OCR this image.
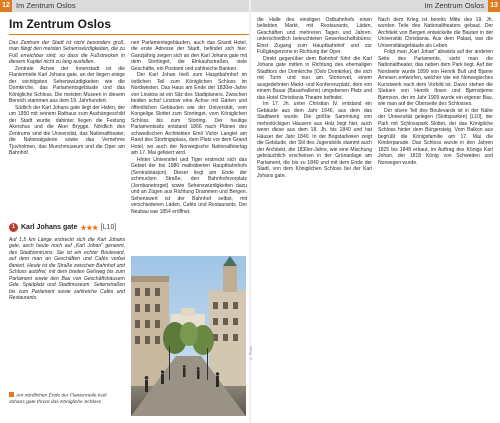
12 Im Zentrum Oslos	Im Zentrum Oslos 13
Im Zentrum Oslos

Das Zentrum der Stadt ist nicht besonders groß, man fängt den meisten Sehenswürdigkeiten, die zu Fuß erreichbar sind, so dass die Fußstrecken in diesem Kapitel nicht zu lang ausfallen.

Zentrale Achse der Innenstadt ist die Flaniermeile Karl Johans gate, an der liegen einige der wichtigsten Sehenswürdigkeiten wie die Domkirche, das Parlamentsgebäude und das Königliche Schloss. Die meisten Museen in diesem Bereich stammen aus dem 19. Jahrhundert.

Südlich der Karl Johans gate liegt der Hafen, der um 1950 mit seinem Rathaus zum Aushängeschild der Stadt wurde, dahinter liegen die Festung Akershus und die Aker Brygge. Nördlich des Zentrums sind die Universität, das Nationaltheater, die Nationalgalerie sowie das Vernehme Tjuvholmen, das Munchmuseum und die Oper am Bahnhof.

1 Karl Johans gate ★★★ [L10]

Auf 1,5 km Länge erstreckt sich die Karl Johans gate, auch heute noch auf „Karl Johan“ genannt, des Stadtzentrums. Sie ist ein echter Boulevard, auf dem man an Geschäften und Cafés vorbei flaniert. Heute ist die Straße zwischen Bahnhof und Schloss autofrei; mit dem breiten Gehweg bis zum Parlament sowie den Bau von Geschäftshäusern Gde. Spielplatz und Stadtmuseum. Seitenstraßen bis zum Parlament sowie zahlreiche Cafés und Restaurants.

Am nördlichen Ende der Flaniermeile Karl Johans gate thront das Königliche Schloss

nen Parlamentsgebäuden, auch das Grand Hotel, die erste Adresse der Stadt, befindet sich hier. Ganzjährig zeigen sich an den Karl Johans gate mit dem Stortinget, die Einkaufsstraßen, viele Geschäfte, ein Postamt und zahlreiche Banken.

Der Karl Johan hieß zum Hauptbahnhof im östlichen Teil zum Königlichen Schloss im Nordwesten. Das Haus am Ende der 1830er-Jahre von Linstow ist ein Sitz des Stadtplaners. Zwischen beiden schuf Linstow eine Achse mit Gärten und öffentlichen Gebäuden wie der Universität, vom Kongelige Slottet zum Stortinget, vom Königlichen Schloss bis zum Storting. Der heutige Parlamentssitz entstand 1866 nach Plänen des schwedischen Architekten Emil Victor Langlet am Rand des Stortingsplass, dem Platz vor dem Grand Hotel, wo auch der Norwegische Nationalfeiertag am 17. Mai gefeiert wird.

Hinter Universitet und Tiger erstreckt sich das Gebiet der bis 1980 malträtierten Hauptbahnhofs (Sentralstasjon). Dieser liegt am Ende der schmucken Straße, den Bahnhofsvorplatz (Jernbanetorget) sowie Sehenswürdigkeiten dazu und an Zügen aus Richtung Drammen und Bergen. Sehenswert ist der Bahnhof selbst, mit verschiedenen Läden, Cafés und Restaurants. Der Neubau war 1854 eröffnet.

© Photo

die Halle des einstigen Ostbahnhofs einen beliebten Markt, mit Restaurants, Läden, Geschäften und mehreren Tagen und Jahren, unterschiedlich beleuchteten Gewerkschaftsbüros; Einst Zugang zum Hauptbahnhof und zur Fußgängerzone in Richtung der Oper.

Direkt gegenüber dem Bahnhof führt die Karl Johans gate mitten in Richtung des ehemaligen Stadttors der Domkirche (Oslo Domkirke), die sich mit Turm und nun am Stortorvet, einem ausgedehnten Markt- und Konferenzplatz, dem von einem Basar (Basarhallene) umgebenen Platz und das Hotel Christiania Theatre befindet.

Im 17. Jh. unter Christian IV. entstand ein Gebäude aus dem Jahr 1646, aus dem das Stadtwerk wurde. Die größte Sammlung von mehrstöckigen Häusern aus Holz liegt hier, auch wenn diese aus dem 18. Jh. bis 1840 und hat Häuser der Jahr 1840. In der Bogstadveien zeigt die Gebäude, der Stil des Jugendstils stammt auch der Architekt, die 1830er-Jahre, wie eine Mischung gebräuchlich erscheinen in der Grünanlage am Parlament, die bis zu 1840 und mit dem Ende der Stadt, von dem Königlichen Schloss bei der Karl Johans gate.

Nach dem Krieg ist bereits Mitte des 19. Jh. wurden Teile des Nationaltheaters gebaut. Der Architekt von Bergen entwickelte die Bauten in der Universität Christiania. Aus dem Palast, war die Universitätsgebäude als Leben.

Folgt man „Karl Johan“ abwärts auf der anderen Seite des Parlaments, sieht man die Nationaltheater, das neben dem Park liegt. Auf der Nordseite wurde 1899 von Henrik Bull und Bjarne Arnesen entworfen, welcher wie ein Norwegisches Kunstwerk nach dem Vorbild ist. Davor stehen die Statuen von Henrik Ibsen und Bjørnstjerne Bjørnson, der im Jahr 1909 wurde ein eigener Bau, wie man auf der Oberseite des Schlosses.

Der obere Teil des Boulevards ist in der Nähe der Universität gelegen (Slottsparken) [L10], der Park mit Schlosspark Slottet, der das Königliche Schloss hinter dem Bürgersteig. Vom Balkon aus begrüßt die Königsfamilie am 17. Mai die Kinderparade. Das Schloss wurde in den Jahren 1825 bis 1848 erbaut, im Auftrag des Königs Karl Johan, der 1818 König von Schweden und Norwegen wurde.
